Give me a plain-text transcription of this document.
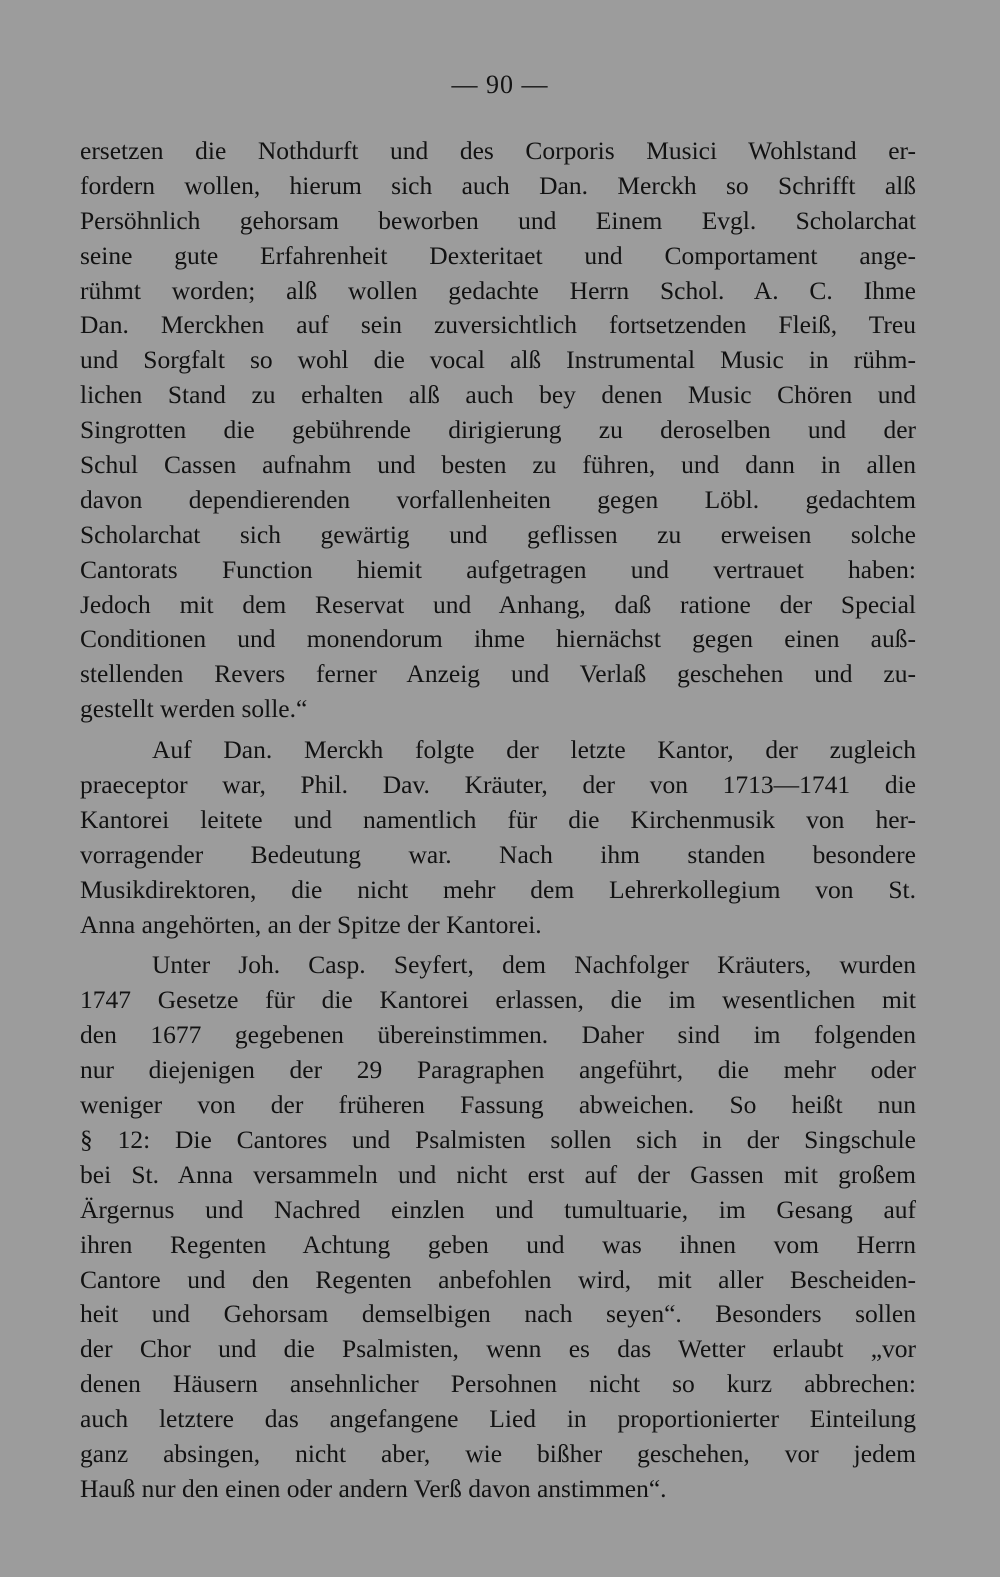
— 90 —
ersetzen die Nothdurft und des Corporis Musici Wohlstand er-
fordern wollen, hierum sich auch Dan. Merckh so Schrifft alß
Persöhnlich gehorsam beworben und Einem Evgl. Scholarchat
seine gute Erfahrenheit Dexteritaet und Comportament ange-
rühmt worden; alß wollen gedachte Herrn Schol. A. C. Ihme
Dan. Merckhen auf sein zuversichtlich fortsetzenden Fleiß, Treu
und Sorgfalt so wohl die vocal alß Instrumental Music in rühm-
lichen Stand zu erhalten alß auch bey denen Music Chören und
Singrotten die gebührende dirigierung zu deroselben und der
Schul Cassen aufnahm und besten zu führen, und dann in allen
davon dependierenden vorfallenheiten gegen Löbl. gedachtem
Scholarchat sich gewärtig und geflissen zu erweisen solche
Cantorats Function hiemit aufgetragen und vertrauet haben:
Jedoch mit dem Reservat und Anhang, daß ratione der Special
Conditionen und monendorum ihme hiernächst gegen einen auß-
stellenden Revers ferner Anzeig und Verlaß geschehen und zu-
gestellt werden solle.“
Auf Dan. Merckh folgte der letzte Kantor, der zugleich
praeceptor war, Phil. Dav. Kräuter, der von 1713—1741 die
Kantorei leitete und namentlich für die Kirchenmusik von her-
vorragender Bedeutung war. Nach ihm standen besondere
Musikdirektoren, die nicht mehr dem Lehrerkollegium von St.
Anna angehörten, an der Spitze der Kantorei.
Unter Joh. Casp. Seyfert, dem Nachfolger Kräuters, wurden
1747 Gesetze für die Kantorei erlassen, die im wesentlichen mit
den 1677 gegebenen übereinstimmen. Daher sind im folgenden
nur diejenigen der 29 Paragraphen angeführt, die mehr oder
weniger von der früheren Fassung abweichen. So heißt nun
§ 12: Die Cantores und Psalmisten sollen sich in der Singschule
bei St. Anna versammeln und nicht erst auf der Gassen mit großem
Ärgernus und Nachred einzlen und tumultuarie, im Gesang auf
ihren Regenten Achtung geben und was ihnen vom Herrn
Cantore und den Regenten anbefohlen wird, mit aller Bescheiden-
heit und Gehorsam demselbigen nach seyen“. Besonders sollen
der Chor und die Psalmisten, wenn es das Wetter erlaubt „vor
denen Häusern ansehnlicher Persohnen nicht so kurz abbrechen:
auch letztere das angefangene Lied in proportionierter Einteilung
ganz absingen, nicht aber, wie bißher geschehen, vor jedem
Hauß nur den einen oder andern Verß davon anstimmen“.
